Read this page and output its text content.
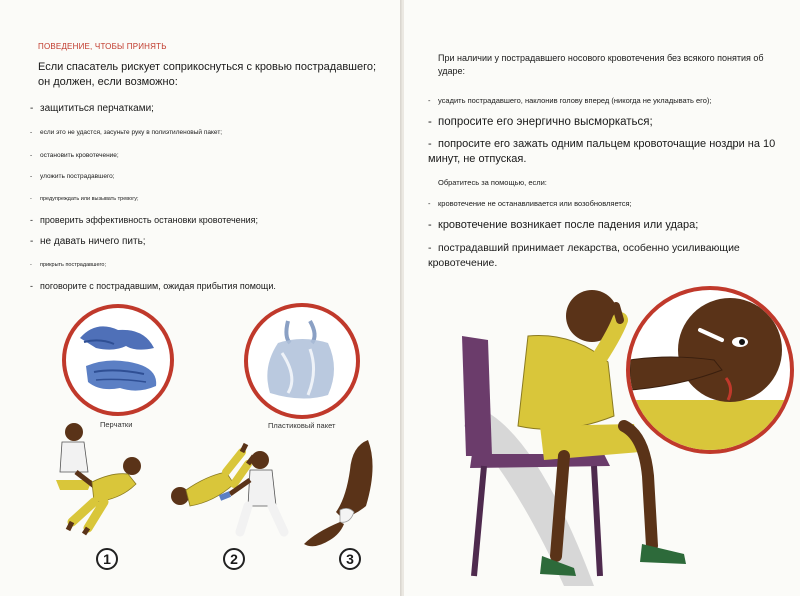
ПОВЕДЕНИЕ, ЧТОБЫ ПРИНЯТЬ
Если спасатель рискует соприкоснуться с кровью пострадавшего; он должен, если возможно:
- защититься перчатками;
- если это не удастся, засуньте руку в полиэтиленовый пакет;
- остановить кровотечение;
- уложить пострадавшего;
- предупреждать или вызывать тревогу;
- проверить эффективность остановки кровотечения;
- не давать ничего пить;
- прикрыть пострадавшего;
- поговорите с пострадавшим, ожидая прибытия помощи.
Перчатки	Пластиковый пакет
1	2	3
При наличии у пострадавшего носового кровотечения без всякого понятия об ударе:
- усадить пострадавшего, наклонив голову вперед (никогда не укладывать его);
- попросите его энергично высморкаться;
- попросите его зажать одним пальцем кровоточащие ноздри на 10 минут, не отпуская.
Обратитесь за помощью, если:
- кровотечение не останавливается или возобновляется;
- кровотечение возникает после падения или удара;
- пострадавший принимает лекарства, особенно усиливающие кровотечение.
